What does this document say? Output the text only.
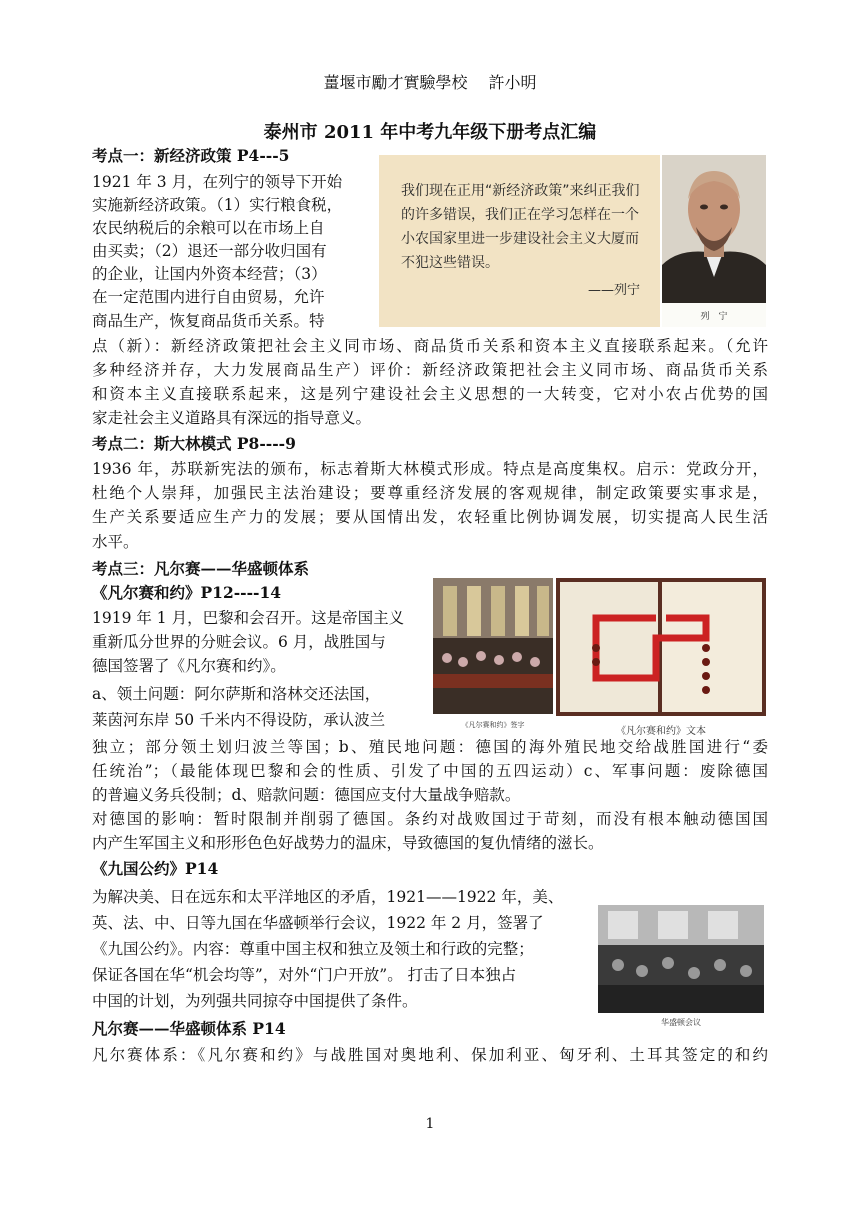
薑堰市勵才實驗學校　 許小明
泰州市 2011 年中考九年级下册考点汇编
考点一：新经济政策 P4---5
1921 年 3 月，在列宁的领导下开始
实施新经济政策。（1）实行粮食税，
农民纳税后的余粮可以在市场上自
由买卖；（2）退还一部分收归国有
的企业，让国内外资本经营；（3）
在一定范围内进行自由贸易，允许
商品生产，恢复商品货币关系。特
点（新）：新经济政策把社会主义同市场、商品货币关系和资本主义直接联系起来。（允许
多种经济并存，大力发展商品生产）评价：新经济政策把社会主义同市场、商品货币关系
和资本主义直接联系起来，这是列宁建设社会主义思想的一大转变，它对小农占优势的国
家走社会主义道路具有深远的指导意义。
我们现在正用“新经济政策”来纠正我们的许多错误，我们正在学习怎样在一个小农国家里进一步建设社会主义大厦而不犯这些错误。
——列宁
列　宁
考点二：斯大林模式 P8----9
1936 年，苏联新宪法的颁布，标志着斯大林模式形成。特点是高度集权。启示：党政分开，
杜绝个人崇拜，加强民主法治建设；要尊重经济发展的客观规律，制定政策要实事求是，
生产关系要适应生产力的发展；要从国情出发，农轻重比例协调发展，切实提高人民生活
水平。
考点三：凡尔赛——华盛顿体系
《凡尔赛和约》P12----14
1919 年 1 月，巴黎和会召开。这是帝国主义
重新瓜分世界的分赃会议。6 月，战胜国与
德国签署了《凡尔赛和约》。
a、领土问题：阿尔萨斯和洛林交还法国，
莱茵河东岸 50 千米内不得设防，承认波兰
独立；部分领土划归波兰等国；b、殖民地问题：德国的海外殖民地交给战胜国进行“委
任统治”；（最能体现巴黎和会的性质、引发了中国的五四运动）c、军事问题：废除德国
的普遍义务兵役制；d、赔款问题：德国应支付大量战争赔款。
对德国的影响：暂时限制并削弱了德国。条约对战败国过于苛刻，而没有根本触动德国国
内产生军国主义和形形色色好战势力的温床，导致德国的复仇情绪的滋长。
《凡尔赛和约》签字
《凡尔赛和约》文本
《九国公约》P14
为解决美、日在远东和太平洋地区的矛盾，1921——1922 年，美、
英、法、中、日等九国在华盛顿举行会议，1922 年 2 月，签署了
《九国公约》。内容：尊重中国主权和独立及领土和行政的完整；
保证各国在华“机会均等”，对外“门户开放”。 打击了日本独占
中国的计划，为列强共同掠夺中国提供了条件。
华盛顿会议
凡尔赛——华盛顿体系 P14
凡尔赛体系：《凡尔赛和约》与战胜国对奥地利、保加利亚、匈牙利、土耳其签定的和约
1
